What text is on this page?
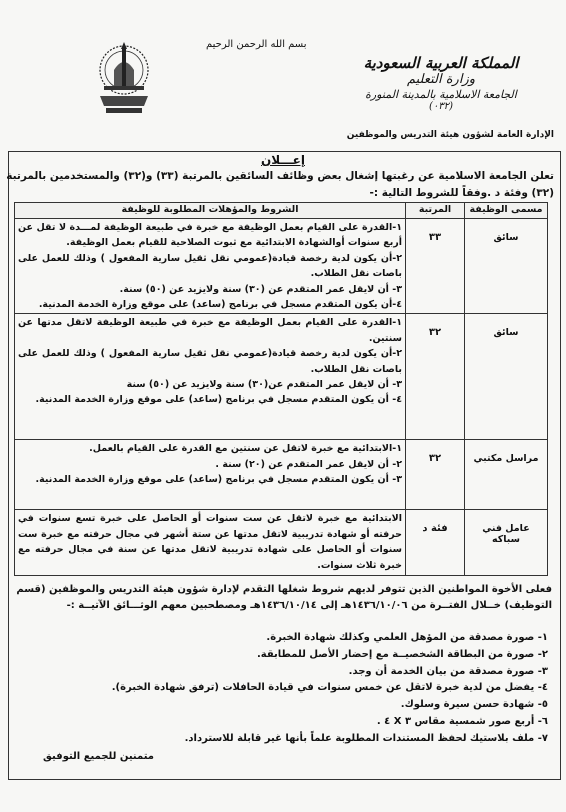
بسم الله الرحمن الرحيم
المملكة العربية السعودية
وزارة التعليم
الجامعة الاسلامية بالمدينة المنورة
(٠٣٢)
الإدارة العامة لشؤون هيئة التدريس والموظفين
إعـــلان
تعلن الجامعة الاسلامية عن رغبتها إشغال بعض وظائف السائقين بالمرتبة (٣٣) و(٣٢) والمستخدمين بالمرتبة (٣٢) وفئة د .وفقاً للشروط التالية :-
مسمى الوظيفة	المرتبة	الشروط والمؤهلات المطلوبة للوظيفة

سائق	٣٣	١-القدرة على القيام بعمل الوظيفة مع خبرة في طبيعة الوظيفة لمـــدة لا تقل عن أربع سنوات أوالشهادة الابتدائية مع ثبوت الصلاحية للقيام بعمل الوظيفة.
٢-أن يكون لدية رخصة قيادة(عمومي نقل ثقيل سارية المفعول ) وذلك للعمل على باصات نقل الطلاب.
٣- أن لايقل عمر المتقدم عن (٣٠) سنة ولايزيد عن (٥٠) سنة.
٤-أن يكون المتقدم مسجل في برنامج (ساعد) على موقع وزارة الخدمة المدنية.

سائق	٣٢	١-القدرة على القيام بعمل الوظيفة مع خبرة في طبيعة الوظيفة لاتقل مدتها عن سنتين.
٢-أن يكون لدية رخصة قيادة(عمومي نقل ثقيل سارية المفعول ) وذلك للعمل على باصات نقل الطلاب.
٣- أن لايقل عمر المتقدم عن(٣٠) سنة ولايزيد عن (٥٠) سنة
٤- أن يكون المتقدم مسجل في برنامج (ساعد) على موقع وزارة الخدمة المدنية.

مراسل مكتبي	٣٢	١-الابتدائية مع خبرة لاتقل عن سنتين مع القدرة على القيام بالعمل.
٢- أن لايقل عمر المتقدم عن (٢٠) سنة .
٣- أن يكون المتقدم مسجل في برنامج (ساعد) على موقع وزارة الخدمة المدنية.

عامل فني سباكه	فئة د	الابتدائية مع خبرة لاتقل عن ست سنوات أو الحاصل على خبرة تسع سنوات في حرفته أو شهادة تدريبية لاتقل مدتها عن ستة أشهر في مجال حرفته مع خبرة ست سنوات أو الحاصل على شهادة تدريبية لاتقل مدتها عن سنة في مجال حرفته مع خبرة ثلاث سنوات.
فعلى الأخوة المواطنين الذين تتوفر لديهم شروط شغلها التقدم لإدارة شؤون هيئة التدريس والموظفين (قسم التوظيف) خــلال الفتــرة من ١٤٣٦/١٠/٠٦هـ إلى ١٤٣٦/١٠/١٤هـ ومصطحبين معهم الوثـــائق الآتيــة :-
١- صورة مصدقة من المؤهل العلمي وكذلك شهادة الخبرة.
٢- صورة من البطاقة الشخصيــة مع إحضار الأصل للمطابقة.
٣- صورة مصدقة من بيان الخدمة أن وجد.
٤- يفضل من لدية خبرة لاتقل عن خمس سنوات في قيادة الحافلات (ترفق شهادة الخبرة).
٥- شهادة حسن سيرة وسلوك.
٦- أربع صور شمسية مقاس ٣ X ٤ .
٧- ملف بلاستيك لحفظ المستندات المطلوبة علماً بأنها غير قابلة للاسترداد.
متمنين للجميع التوفيق
